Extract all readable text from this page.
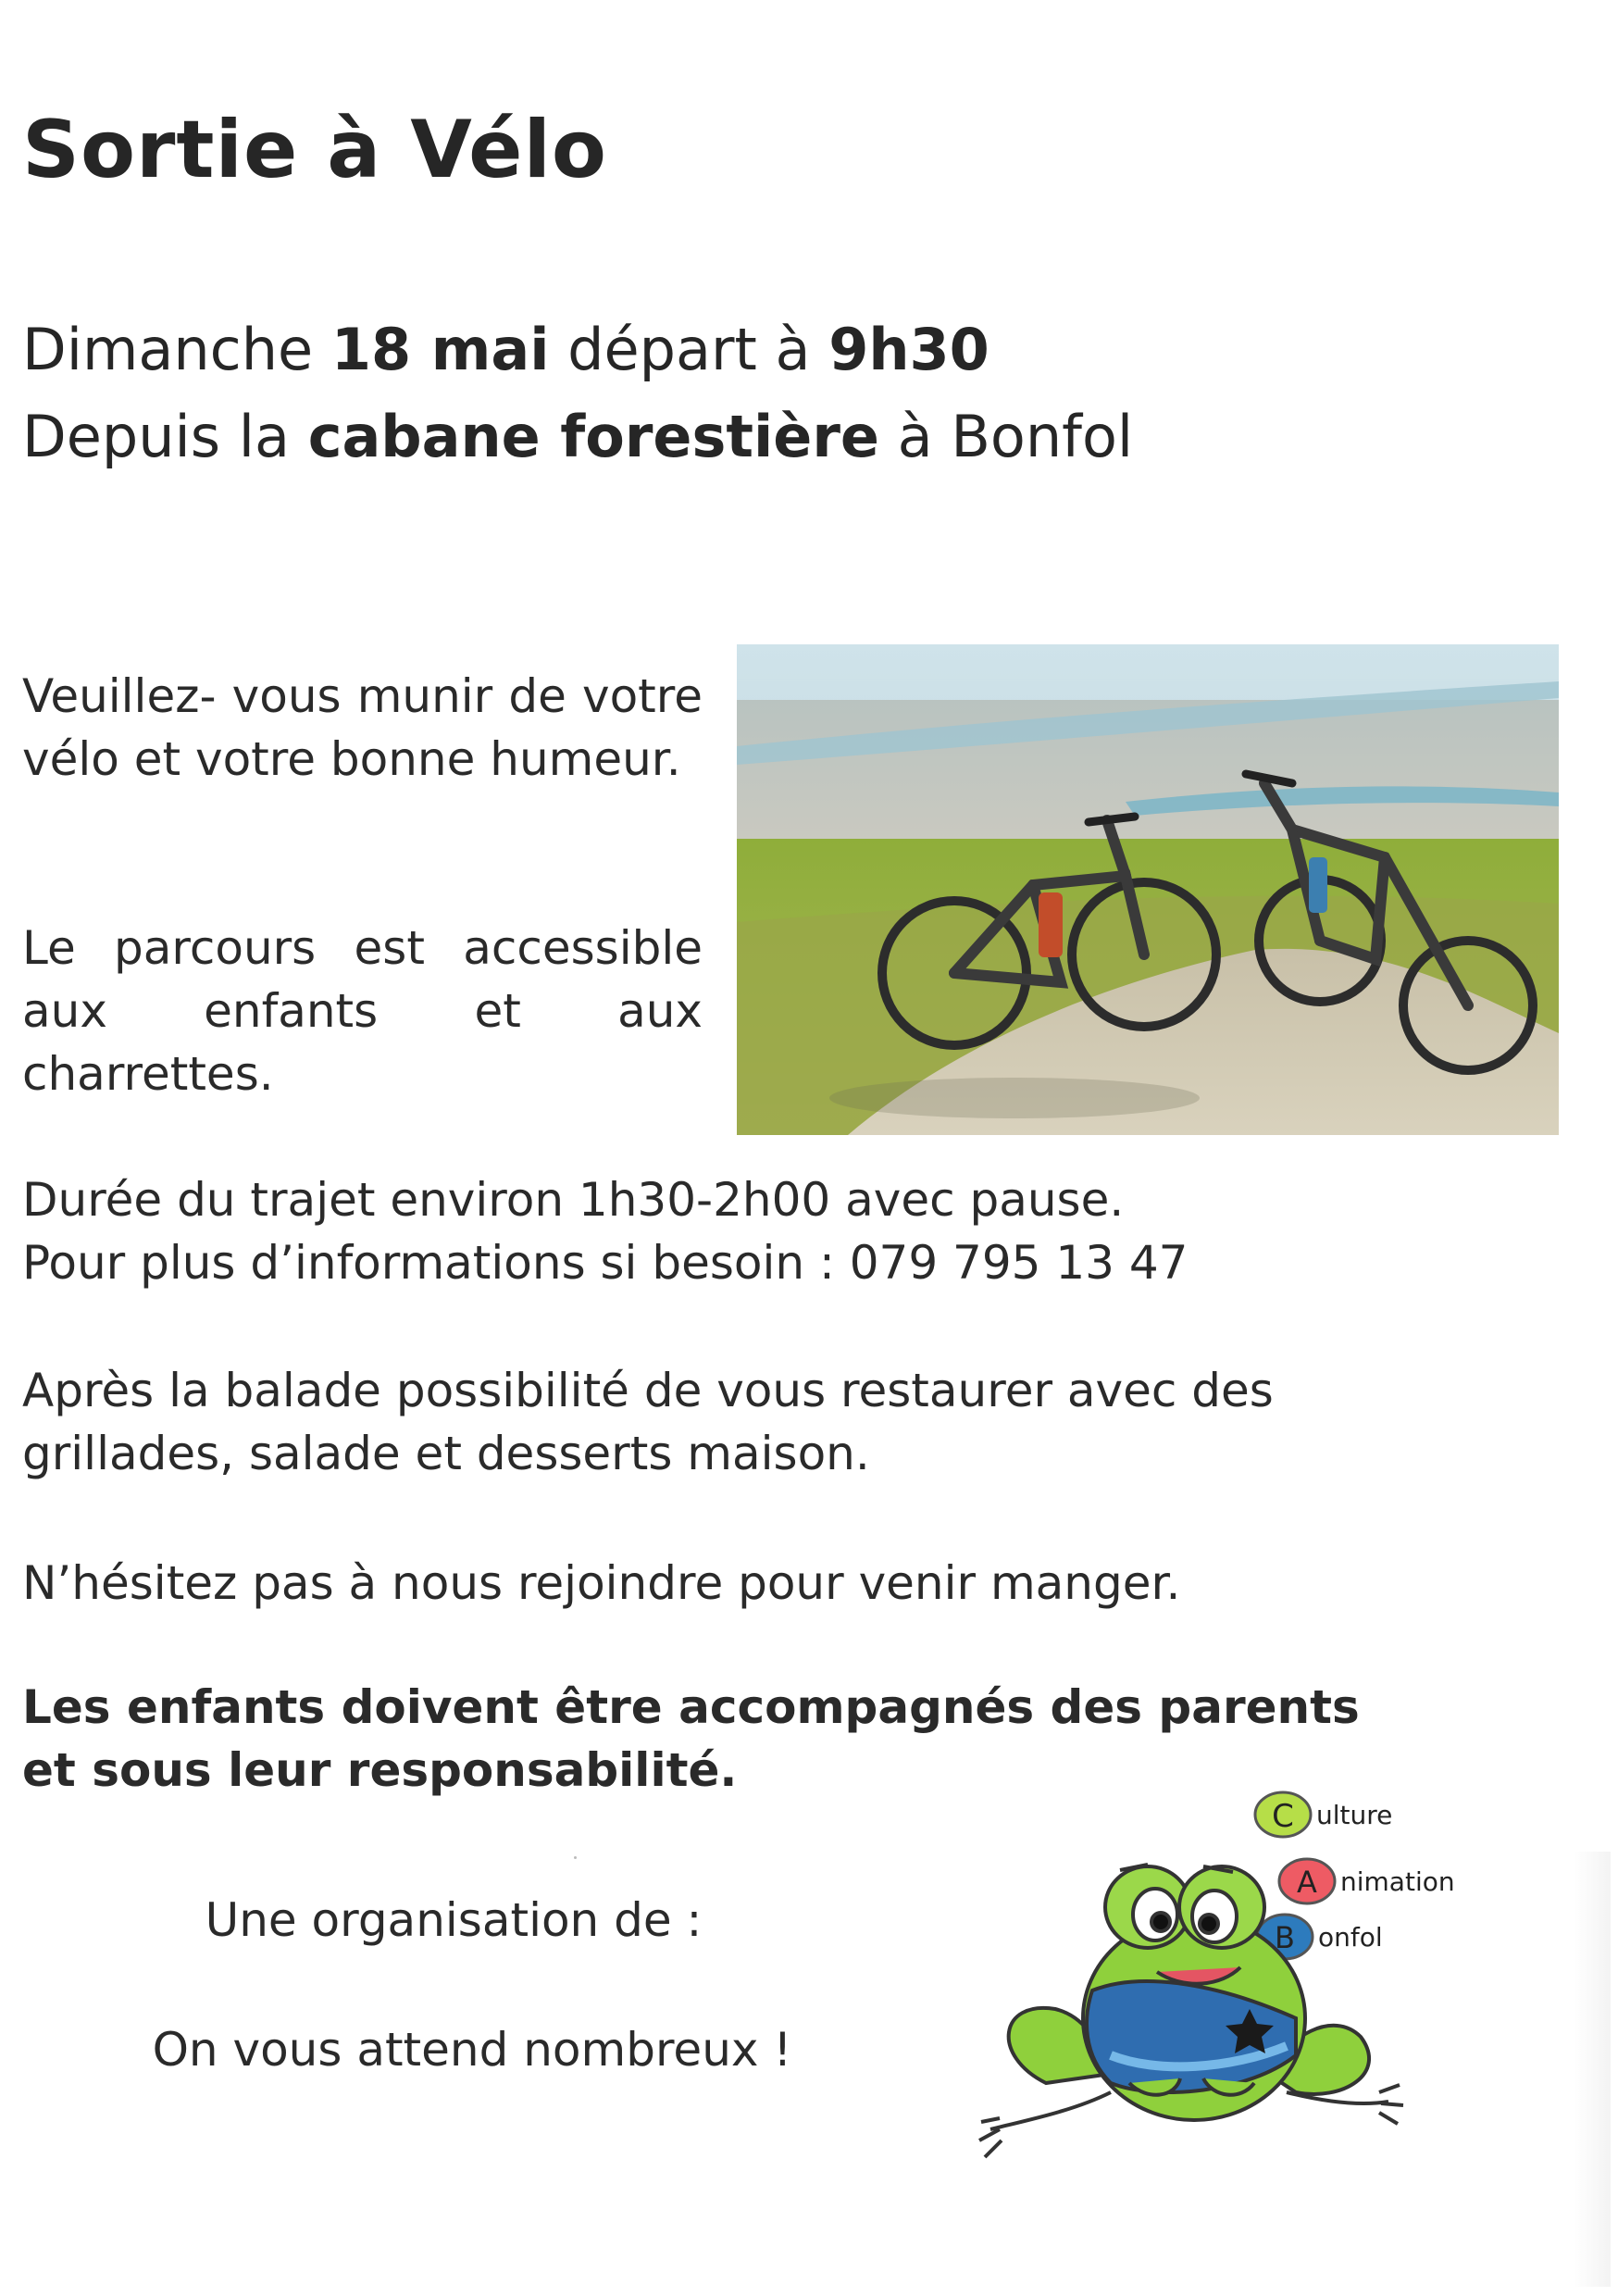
Sortie à Vélo
Dimanche 18 mai départ à 9h30
Depuis la cabane forestière à Bonfol
Veuillez- vous munir de votre vélo et votre bonne humeur.
Le parcours est accessible aux enfants et aux charrettes.
Durée du trajet environ 1h30-2h00 avec pause.
Pour plus d’informations si besoin : 079 795 13 47
Après la balade possibilité de vous restaurer avec des grillades, salade et desserts maison.
N’hésitez pas à nous rejoindre pour venir manger.
Les enfants doivent être accompagnés des parents et sous leur responsabilité.
Une organisation de :
On vous attend nombreux !
C ulture
A nimation
B onfol
